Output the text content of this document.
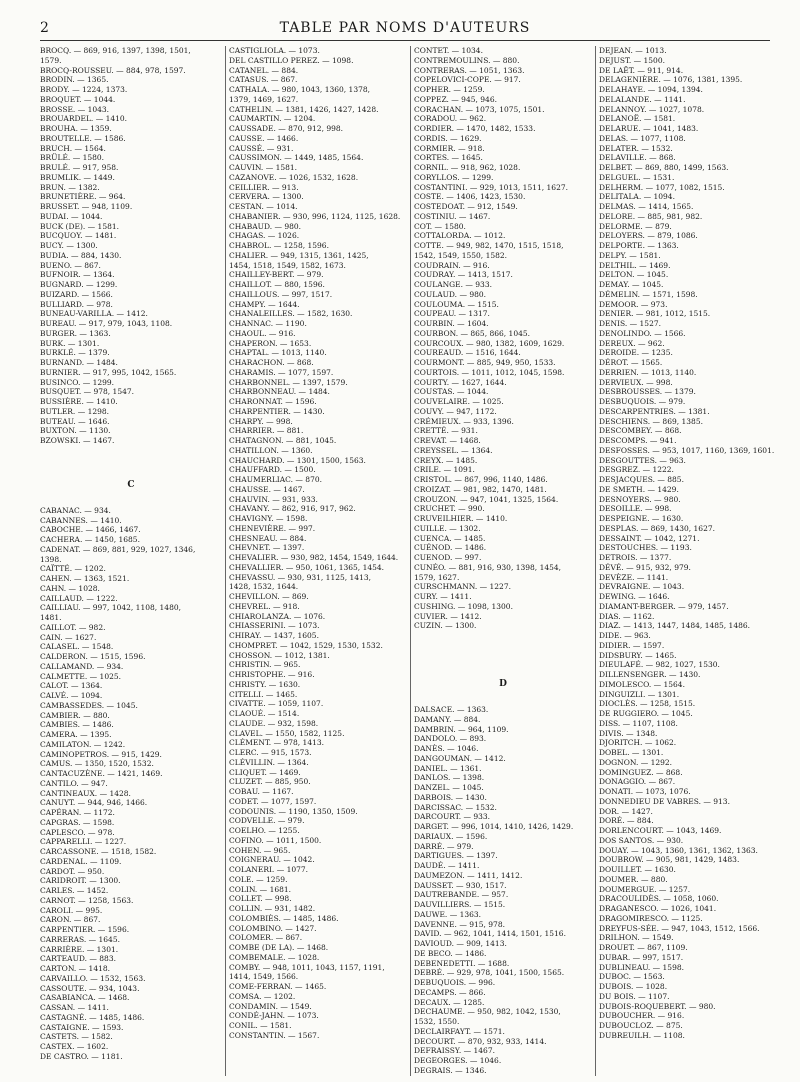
2	TABLE PAR NOMS D'AUTEURS
BROCQ. — 869, 916, 1397, 1398, 1501,
1579.
BROCQ-ROUSSEU. — 884, 978, 1597.
BRODIN. — 1365.
BRODY. — 1224, 1373.
BROQUET. — 1044.
BROSSE. — 1043.
BROUARDEL. — 1410.
BROUHA. — 1359.
BROUTELLE. — 1586.
BRUCH. — 1564.
BRÜLÉ. — 1580.
BRULÉ. — 917, 958.
BRUMLIK. — 1449.
BRUN. — 1382.
BRUNETIÈRE. — 964.
BRUSSET. — 948, 1109.
BUDAI. — 1044.
BUCK (DE). — 1581.
BUCQUOY. — 1481.
BUCY. — 1300.
BUDIA. — 884, 1430.
BUENO. — 867.
BUFNOIR. — 1364.
BUGNARD. — 1299.
BUIZARD. — 1566.
BULLIARD. — 978.
BUNEAU-VARILLA. — 1412.
BUREAU. — 917, 979, 1043, 1108.
BURGER. — 1363.
BURK. — 1301.
BURKLÉ. — 1379.
BURNAND. — 1484.
BURNIER. — 917, 995, 1042, 1565.
BUSINCO. — 1299.
BUSQUET. — 978, 1547.
BUSSIÈRE. — 1410.
BUTLER. — 1298.
BUTEAU. — 1646.
BUXTON. — 1130.
BZOWSKI. — 1467.
C
CABANAC. — 934.
CABANNES. — 1410.
CABOCHE. — 1466, 1467.
CACHERA. — 1450, 1685.
CADENAT. — 869, 881, 929, 1027, 1346,
1398.
CAÏTTÉ. — 1202.
CAHEN. — 1363, 1521.
CAHN. — 1028.
CAILLAUD. — 1222.
CAILLIAU. — 997, 1042, 1108, 1480,
1481.
CAILLOT. — 982.
CAIN. — 1627.
CALASEL. — 1548.
CALDERON. — 1515, 1596.
CALLAMAND. — 934.
CALMETTE. — 1025.
CALOT. — 1364.
CALVÉ. — 1094.
CAMBASSEDES. — 1045.
CAMBIER. — 880.
CAMBIES. — 1486.
CAMERA. — 1395.
CAMILATON. — 1242.
CAMINOPETROS. — 915, 1429.
CAMUS. — 1350, 1520, 1532.
CANTACUZÈNE. — 1421, 1469.
CANTILO. — 947.
CANTINEAUX. — 1428.
CANUYT. — 944, 946, 1466.
CAPÉRAN. — 1172.
CAPGRAS. — 1598.
CAPLESCO. — 978.
CAPPARELLI. — 1227.
CARCASSONE. — 1518, 1582.
CARDENAL. — 1109.
CARDOT. — 950.
CARIDROIT. — 1300.
CARLES. — 1452.
CARNOT. — 1258, 1563.
CAROLI. — 995.
CARON. — 867.
CARPENTIER. — 1596.
CARRERAS. — 1645.
CARRIÈRE. — 1301.
CARTEAUD. — 883.
CARTON. — 1418.
CARVAILLO. — 1532, 1563.
CASSOUTE. — 934, 1043.
CASABIANCA. — 1468.
CASSAN. — 1411.
CASTAGNÉ. — 1485, 1486.
CASTAIGNE. — 1593.
CASTETS. — 1582.
CASTEX. — 1602.
DE CASTRO. — 1181.
CASTIGLIOLA. — 1073.
DEL CASTILLO PEREZ. — 1098.
CATANEL. — 884.
CATASUS. — 867.
CATHALA. — 980, 1043, 1360, 1378,
1379, 1469, 1627.
CATHELIN. — 1381, 1426, 1427, 1428.
CAUMARTIN. — 1204.
CAUSSADE. — 870, 912, 998.
CAUSSE. — 1466.
CAUSSÉ. — 931.
CAUSSIMON. — 1449, 1485, 1564.
CAUVIN. — 1581.
CAZANOVE. — 1026, 1532, 1628.
CEILLIER. — 913.
CERVERA. — 1300.
CESTAN. — 1014.
CHABANIER. — 930, 996, 1124, 1125, 1628.
CHABAUD. — 980.
CHAGAS. — 1026.
CHABROL. — 1258, 1596.
CHALIER. — 949, 1315, 1361, 1425,
1454, 1518, 1549, 1582, 1673.
CHAILLEY-BERT. — 979.
CHAILLOT. — 880, 1596.
CHAILLOUS. — 997, 1517.
CHAMPY. — 1644.
CHANALEILLES. — 1582, 1630.
CHANNAC. — 1190.
CHAOUL. — 916.
CHAPERON. — 1653.
CHAPTAL. — 1013, 1140.
CHARACHON. — 868.
CHARAMIS. — 1077, 1597.
CHARBONNEL. — 1397, 1579.
CHARBONNEAU. — 1484.
CHARONNAT. — 1596.
CHARPENTIER. — 1430.
CHARPY. — 998.
CHARRIER. — 881.
CHATAGNON. — 881, 1045.
CHATILLON. — 1360.
CHAUCHARD. — 1301, 1500, 1563.
CHAUFFARD. — 1500.
CHAUMERLIAC. — 870.
CHAUSSE. — 1467.
CHAUVIN. — 931, 933.
CHAVANY. — 862, 916, 917, 962.
CHAVIGNY. — 1598.
CHENEVIÈRE. — 997.
CHESNEAU. — 884.
CHEVNET. — 1397.
CHEVALIER. — 930, 982, 1454, 1549, 1644.
CHEVALLIER. — 950, 1061, 1365, 1454.
CHEVASSU. — 930, 931, 1125, 1413,
1428, 1532, 1644.
CHEVILLON. — 869.
CHEVREL. — 918.
CHIAROLANZA. — 1076.
CHIASSERINI. — 1073.
CHIRAY. — 1437, 1605.
CHOMPRET. — 1042, 1529, 1530, 1532.
CHOSSON. — 1012, 1381.
CHRISTIN. — 965.
CHRISTOPHE. — 916.
CHRISTY. — 1630.
CITELLI. — 1465.
CIVATTE. — 1059, 1107.
CLAOUÉ. — 1514.
CLAUDE. — 932, 1598.
CLAVEL. — 1550, 1582, 1125.
CLÉMENT. — 978, 1413.
CLERC. — 915, 1573.
CLÉVILLIN. — 1364.
CLIQUET. — 1469.
CLUZET. — 885, 950.
COBAU. — 1167.
CODET. — 1077, 1597.
CODOUNIS. — 1190, 1350, 1509.
CODVELLE. — 979.
COELHO. — 1255.
COFINO. — 1011, 1500.
COHEN. — 965.
COIGNERAU. — 1042.
COLANERI. — 1077.
COLE. — 1259.
COLIN. — 1681.
COLLET. — 998.
COLLIN. — 931, 1482.
COLOMBIÈS. — 1485, 1486.
COLOMBINO. — 1427.
COLOMER. — 867.
COMBE (DE LA). — 1468.
COMBEMALE. — 1028.
COMBY. — 948, 1011, 1043, 1157, 1191,
1414, 1549, 1566.
COME-FERRAN. — 1465.
COMSA. — 1202.
CONDAMIN. — 1549.
CONDÉ-JAHN. — 1073.
CONIL. — 1581.
CONSTANTIN. — 1567.
CONTET. — 1034.
CONTREMOULINS. — 880.
CONTRERAS. — 1051, 1363.
COPELOVICI-COPE. — 917.
COPHER. — 1259.
COPPEZ. — 945, 946.
CORACHAN. — 1073, 1075, 1501.
CORADOU. — 962.
CORDIER. — 1470, 1482, 1533.
CORDIS. — 1629.
CORMIER. — 918.
CORTES. — 1645.
CORNIL. — 918, 962, 1028.
CORYLLOS. — 1299.
COSTANTINI. — 929, 1013, 1511, 1627.
COSTE. — 1406, 1423, 1530.
COSTEDOAT. — 912, 1549.
COSTINIU. — 1467.
COT. — 1580.
COTTALORDA. — 1012.
COTTE. — 949, 982, 1470, 1515, 1518,
1542, 1549, 1550, 1582.
COUDRAIN. — 916.
COUDRAY. — 1413, 1517.
COULANGE. — 933.
COULAUD. — 980.
COULOUMA. — 1515.
COUPEAU. — 1317.
COURBIN. — 1604.
COURBON. — 865, 866, 1045.
COURCOUX. — 980, 1382, 1609, 1629.
COUREAUD. — 1516, 1644.
COURMONT. — 885, 949, 950, 1533.
COURTOIS. — 1011, 1012, 1045, 1598.
COURTY. — 1627, 1644.
COUSTAS. — 1044.
COUVELAIRE. — 1025.
COUVY. — 947, 1172.
CRÉMIEUX. — 933, 1396.
CRETTÉ. — 931.
CREVAT. — 1468.
CREYSSEL. — 1364.
CREYX. — 1485.
CRILE. — 1091.
CRISTOL. — 867, 996, 1140, 1486.
CROIZAT. — 981, 982, 1470, 1481.
CROUZON. — 947, 1041, 1325, 1564.
CRUCHET. — 990.
CRUVEILHIER. — 1410.
CUILLE. — 1302.
CUENCA. — 1485.
CUÉNOD. — 1486.
CUENOD. — 997.
CUNÉO. — 881, 916, 930, 1398, 1454,
1579, 1627.
CURSCHMANN. — 1227.
CURY. — 1411.
CUSHING. — 1098, 1300.
CUVIER. — 1412.
CUZIN. — 1300.
D
DALSACE. — 1363.
DAMANY. — 884.
DAMBRIN. — 964, 1109.
DANDOLO. — 893.
DANÈS. — 1046.
DANGOUMAN. — 1412.
DANIEL. — 1361.
DANLOS. — 1398.
DANZEL. — 1045.
DARBOIS. — 1430.
DARCISSAC. — 1532.
DARCOURT. — 933.
DARGET. — 996, 1014, 1410, 1426, 1429.
DARIAUX. — 1596.
DARRÉ. — 979.
DARTIGUES. — 1397.
DAUDÉ. — 1411.
DAUMEZON. — 1411, 1412.
DAUSSET. — 930, 1517.
DAUTREBANDE. — 957.
DAUVILLIERS. — 1515.
DAUWE. — 1363.
DAVENNE. — 915, 978.
DAVID. — 962, 1041, 1414, 1501, 1516.
DAVIOUD. — 909, 1413.
DE BECO. — 1486.
DEBENEDETTI. — 1688.
DEBRÉ. — 929, 978, 1041, 1500, 1565.
DEBUQUOIS. — 996.
DECAMPS. — 866.
DECAUX. — 1285.
DECHAUME. — 950, 982, 1042, 1530,
1532, 1550.
DECLAIRFAYT. — 1571.
DECOURT. — 870, 932, 933, 1414.
DEFRAISSY. — 1467.
DEGEORGES. — 1046.
DEGRAIS. — 1346.
DEJEAN. — 1013.
DEJUST. — 1500.
DE LAËT. — 911, 914.
DELAGENIÈRE. — 1076, 1381, 1395.
DELAHAYE. — 1094, 1394.
DELALANDE. — 1141.
DELANNOY. — 1027, 1078.
DELANOË. — 1581.
DELARUE. — 1041, 1483.
DELAS. — 1077, 1108.
DELATER. — 1532.
DELAVILLE. — 868.
DELBET. — 869, 880, 1499, 1563.
DELGUEL. — 1531.
DELHERM. — 1077, 1082, 1515.
DELITALA. — 1094.
DELMAS. — 1414, 1565.
DELORE. — 885, 981, 982.
DELORME. — 879.
DELOYERS. — 879, 1086.
DELPORTE. — 1363.
DELPY. — 1581.
DELTHIL. — 1469.
DELTON. — 1045.
DEMAY. — 1045.
DÉMELIN. — 1571, 1598.
DEMOOR. — 973.
DENIER. — 981, 1012, 1515.
DENIS. — 1527.
DENOLINDO. — 1566.
DEREUX. — 962.
DEROIDE. — 1235.
DÉROT. — 1565.
DERRIEN. — 1013, 1140.
DERVIEUX. — 998.
DESBROUSSES. — 1379.
DESBUQUOIS. — 979.
DESCARPENTRIES. — 1381.
DESCHIENS. — 869, 1385.
DESCOMBEY. — 868.
DESCOMPS. — 941.
DESFOSSES. — 953, 1017, 1160, 1369, 1601.
DESGOUTTES. — 963.
DESGREZ. — 1222.
DESJACQUES. — 885.
DE SMETH. — 1429.
DESNOYERS. — 980.
DESOILLE. — 998.
DESPEIGNE. — 1630.
DESPLAS. — 869, 1430, 1627.
DESSAINT. — 1042, 1271.
DESTOUCHES. — 1193.
DETROIS. — 1377.
DÉVÉ. — 915, 932, 979.
DEVÈZE. — 1141.
DEVRAIGNE. — 1043.
DEWING. — 1646.
DIAMANT-BERGER. — 979, 1457.
DIAS. — 1162.
DIAZ. — 1413, 1447, 1484, 1485, 1486.
DIDE. — 963.
DIDIER. — 1597.
DIDSBURY. — 1465.
DIEULAFÉ. — 982, 1027, 1530.
DILLENSENGER. — 1430.
DIMOLESCO. — 1564.
DINGUIZLI. — 1301.
DIOCLÈS. — 1258, 1515.
DE RUGGIERO. — 1045.
DISS. — 1107, 1108.
DIVIS. — 1348.
DJORITCH. — 1062.
DOBEL. — 1301.
DOGNON. — 1292.
DOMINGUEZ. — 868.
DONAGGIO. — 867.
DONATI. — 1073, 1076.
DONNEDIEU DE VABRES. — 913.
DOR. — 1427.
DORÉ. — 884.
DORLENCOURT. — 1043, 1469.
DOS SANTOS. — 930.
DOUAY. — 1043, 1360, 1361, 1362, 1363.
DOUBROW. — 905, 981, 1429, 1483.
DOUILLET. — 1630.
DOUMER. — 880.
DOUMERGUE. — 1257.
DRACOULIDÈS. — 1058, 1060.
DRAGANESCO. — 1026, 1041.
DRAGOMIRESCO. — 1125.
DREYFUS-SÉE. — 947, 1043, 1512, 1566.
DRILHON. — 1549.
DROUET. — 867, 1109.
DUBAR. — 997, 1517.
DUBLINEAU. — 1598.
DUBOC. — 1563.
DUBOIS. — 1028.
DU BOIS. — 1107.
DUBOIS-ROQUEBERT. — 980.
DUBOUCHER. — 916.
DUBOUCLOZ. — 875.
DUBREUILH. — 1108.
